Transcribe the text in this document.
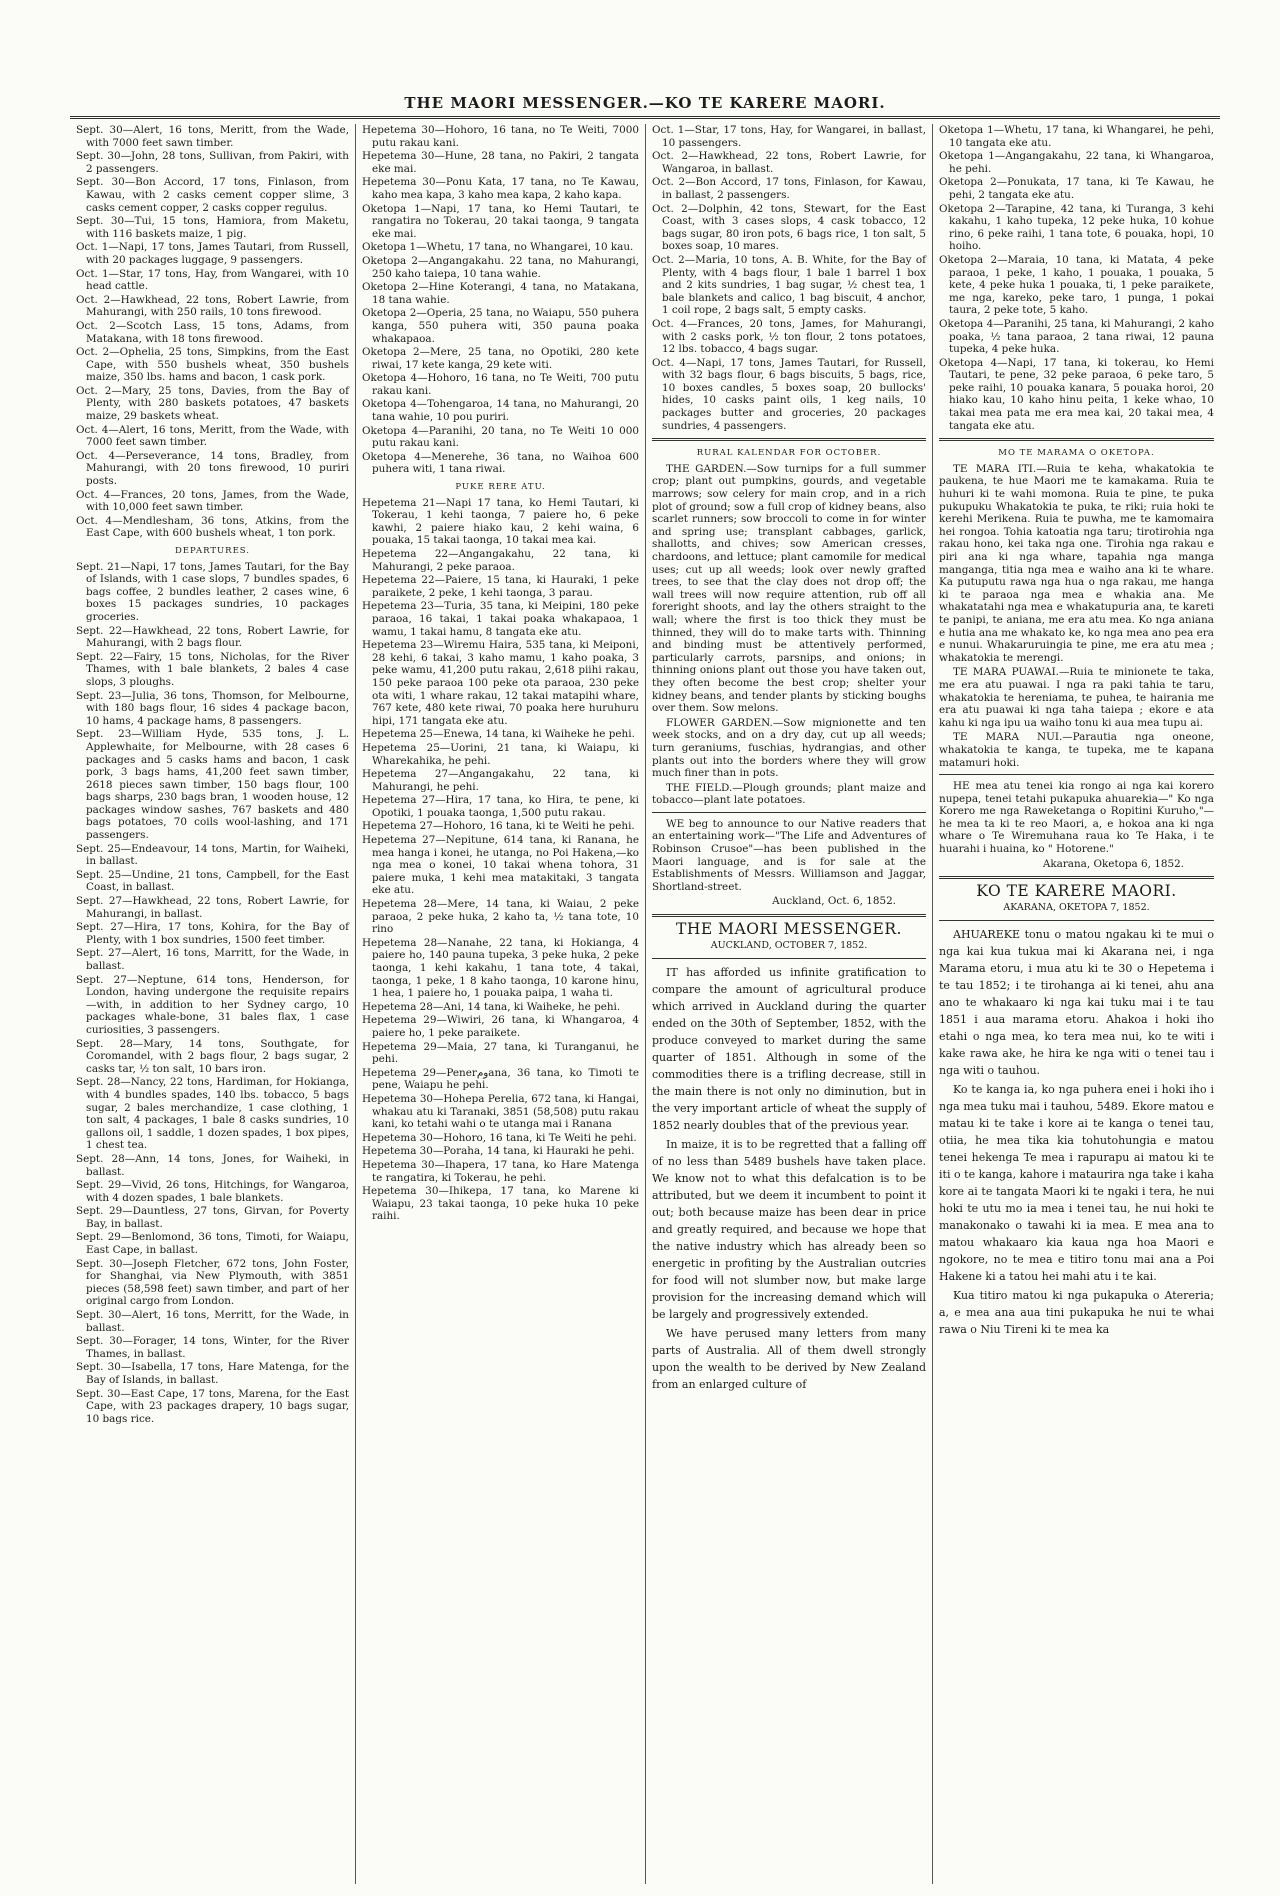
THE MAORI MESSENGER.—KO TE KARERE MAORI.

Sept. 30—Alert, 16 tons, Meritt, from the Wade, with 7000 feet sawn timber.

Sept. 30—John, 28 tons, Sullivan, from Pakiri, with 2 passengers.

Sept. 30—Bon Accord, 17 tons, Finlason, from Kawau, with 2 casks cement copper slime, 3 casks cement copper, 2 casks copper regulus.

Sept. 30—Tui, 15 tons, Hamiora, from Maketu, with 116 baskets maize, 1 pig.

Oct. 1—Napi, 17 tons, James Tautari, from Russell, with 20 packages luggage, 9 passengers.

Oct. 1—Star, 17 tons, Hay, from Wangarei, with 10 head cattle.

Oct. 2—Hawkhead, 22 tons, Robert Lawrie, from Mahurangi, with 250 rails, 10 tons firewood.

Oct. 2—Scotch Lass, 15 tons, Adams, from Matakana, with 18 tons firewood.

Oct. 2—Ophelia, 25 tons, Simpkins, from the East Cape, with 550 bushels wheat, 350 bushels maize, 350 lbs. hams and bacon, 1 cask pork.

Oct. 2—Mary, 25 tons, Davies, from the Bay of Plenty, with 280 baskets potatoes, 47 baskets maize, 29 baskets wheat.

Oct. 4—Alert, 16 tons, Meritt, from the Wade, with 7000 feet sawn timber.

Oct. 4—Perseverance, 14 tons, Bradley, from Mahurangi, with 20 tons firewood, 10 puriri posts.

Oct. 4—Frances, 20 tons, James, from the Wade, with 10,000 feet sawn timber.

Oct. 4—Mendlesham, 36 tons, Atkins, from the East Cape, with 600 bushels wheat, 1 ton pork.

DEPARTURES.

Sept. 21—Napi, 17 tons, James Tautari, for the Bay of Islands, with 1 case slops, 7 bundles spades, 6 bags coffee, 2 bundles leather, 2 cases wine, 6 boxes 15 packages sundries, 10 packages groceries.

Sept. 22—Hawkhead, 22 tons, Robert Lawrie, for Mahurangi, with 2 bags flour.

Sept. 22—Fairy, 15 tons, Nicholas, for the River Thames, with 1 bale blankets, 2 bales 4 case slops, 3 ploughs.

Sept. 23—Julia, 36 tons, Thomson, for Melbourne, with 180 bags flour, 16 sides 4 package bacon, 10 hams, 4 package hams, 8 passengers.

Sept. 23—William Hyde, 535 tons, J. L. Applewhaite, for Melbourne, with 28 cases 6 packages and 5 casks hams and bacon, 1 cask pork, 3 bags hams, 41,200 feet sawn timber, 2618 pieces sawn timber, 150 bags flour, 100 bags sharps, 230 bags bran, 1 wooden house, 12 packages window sashes, 767 baskets and 480 bags potatoes, 70 coils wool-lashing, and 171 passengers.

Sept. 25—Endeavour, 14 tons, Martin, for Waiheki, in ballast.

Sept. 25—Undine, 21 tons, Campbell, for the East Coast, in ballast.

Sept. 27—Hawkhead, 22 tons, Robert Lawrie, for Mahurangi, in ballast.

Sept. 27—Hira, 17 tons, Kohira, for the Bay of Plenty, with 1 box sundries, 1500 feet timber.

Sept. 27—Alert, 16 tons, Marritt, for the Wade, in ballast.

Sept. 27—Neptune, 614 tons, Henderson, for London, having undergone the requisite repairs—with, in addition to her Sydney cargo, 10 packages whale-bone, 31 bales flax, 1 case curiosities, 3 passengers.

Sept. 28—Mary, 14 tons, Southgate, for Coromandel, with 2 bags flour, 2 bags sugar, 2 casks tar, ½ ton salt, 10 bars iron.

Sept. 28—Nancy, 22 tons, Hardiman, for Hokianga, with 4 bundles spades, 140 lbs. tobacco, 5 bags sugar, 2 bales merchandize, 1 case clothing, 1 ton salt, 4 packages, 1 bale 8 casks sundries, 10 gallons oil, 1 saddle, 1 dozen spades, 1 box pipes, 1 chest tea.

Sept. 28—Ann, 14 tons, Jones, for Waiheki, in ballast.

Sept. 29—Vivid, 26 tons, Hitchings, for Wangaroa, with 4 dozen spades, 1 bale blankets.

Sept. 29—Dauntless, 27 tons, Girvan, for Poverty Bay, in ballast.

Sept. 29—Benlomond, 36 tons, Timoti, for Waiapu, East Cape, in ballast.

Sept. 30—Joseph Fletcher, 672 tons, John Foster, for Shanghai, via New Plymouth, with 3851 pieces (58,598 feet) sawn timber, and part of her original cargo from London.

Sept. 30—Alert, 16 tons, Merritt, for the Wade, in ballast.

Sept. 30—Forager, 14 tons, Winter, for the River Thames, in ballast.

Sept. 30—Isabella, 17 tons, Hare Matenga, for the Bay of Islands, in ballast.

Sept. 30—East Cape, 17 tons, Marena, for the East Cape, with 23 packages drapery, 10 bags sugar, 10 bags rice.

Hepetema 30—Hohoro, 16 tana, no Te Weiti, 7000 putu rakau kani.

Hepetema 30—Hune, 28 tana, no Pakiri, 2 tangata eke mai.

Hepetema 30—Ponu Kata, 17 tana, no Te Kawau, kaho mea kapa, 3 kaho mea kapa, 2 kaho kapa.

Oketopa 1—Napi, 17 tana, ko Hemi Tautari, te rangatira no Tokerau, 20 takai taonga, 9 tangata eke mai.

Oketopa 1—Whetu, 17 tana, no Whangarei, 10 kau.

Oketopa 2—Angangakahu. 22 tana, no Mahurangi, 250 kaho taiepa, 10 tana wahie.

Oketopa 2—Hine Koterangi, 4 tana, no Matakana, 18 tana wahie.

Oketopa 2—Operia, 25 tana, no Waiapu, 550 puhera kanga, 550 puhera witi, 350 pauna poaka whakapaoa.

Oketopa 2—Mere, 25 tana, no Opotiki, 280 kete riwai, 17 kete kanga, 29 kete witi.

Oketopa 4—Hohoro, 16 tana, no Te Weiti, 700 putu rakau kani.

Oketopa 4—Tohengaroa, 14 tana, no Mahurangi, 20 tana wahie, 10 pou puriri.

Oketopa 4—Paranihi, 20 tana, no Te Weiti 10 000 putu rakau kani.

Oketopa 4—Menerehe, 36 tana, no Waihoa 600 puhera witi, 1 tana riwai.

PUKE RERE ATU.

Hepetema 21—Napi 17 tana, ko Hemi Tautari, ki Tokerau, 1 kehi taonga, 7 paiere ho, 6 peke kawhi, 2 paiere hiako kau, 2 kehi waina, 6 pouaka, 15 takai taonga, 10 takai mea kai.

Hepetema 22—Angangakahu, 22 tana, ki Mahurangi, 2 peke paraoa.

Hepetema 22—Paiere, 15 tana, ki Hauraki, 1 peke paraikete, 2 peke, 1 kehi taonga, 3 parau.

Hepetema 23—Turia, 35 tana, ki Meipini, 180 peke paraoa, 16 takai, 1 takai poaka whakapaoa, 1 wamu, 1 takai hamu, 8 tangata eke atu.

Hepetema 23—Wiremu Haira, 535 tana, ki Meiponi, 28 kehi, 6 takai, 3 kaho mamu, 1 kaho poaka, 3 peke wamu, 41,200 putu rakau, 2,618 piihi rakau, 150 peke paraoa 100 peke ota paraoa, 230 peke ota witi, 1 whare rakau, 12 takai matapihi whare, 767 kete, 480 kete riwai, 70 poaka here huruhuru hipi, 171 tangata eke atu.

Hepetema 25—Enewa, 14 tana, ki Waiheke he pehi.

Hepetema 25—Uorini, 21 tana, ki Waiapu, ki Wharekahika, he pehi.

Hepetema 27—Angangakahu, 22 tana, ki Mahurangi, he pehi.

Hepetema 27—Hira, 17 tana, ko Hira, te pene, ki Opotiki, 1 pouaka taonga, 1,500 putu rakau.

Hepetema 27—Hohoro, 16 tana, ki te Weiti he pehi.

Hepetema 27—Nepitune, 614 tana, ki Ranana, he mea hanga i konei, he utanga, no Poi Hakena,—ko nga mea o konei, 10 takai whena tohora, 31 paiere muka, 1 kehi mea matakitaki, 3 tangata eke atu.

Hepetema 28—Mere, 14 tana, ki Waiau, 2 peke paraoa, 2 peke huka, 2 kaho ta, ½ tana tote, 10 rino

Hepetema 28—Nanahe, 22 tana, ki Hokianga, 4 paiere ho, 140 pauna tupeka, 3 peke huka, 2 peke taonga, 1 kehi kakahu, 1 tana tote, 4 takai, taonga, 1 peke, 1 8 kaho taonga, 10 karone hinu, 1 hea, 1 paiere ho, 1 pouaka paipa, 1 waha ti.

Hepetema 28—Ani, 14 tana, ki Waiheke, he pehi.

Hepetema 29—Wiwiri, 26 tana, ki Whangaroa, 4 paiere ho, 1 peke paraikete.

Hepetema 29—Maia, 27 tana, ki Turanganui, he pehi.

Hepetema 29—Penerومana, 36 tana, ko Timoti te pene, Waiapu he pehi.

Hepetema 30—Hohepa Perelia, 672 tana, ki Hangai, whakau atu ki Taranaki, 3851 (58,508) putu rakau kani, ko tetahi wahi o te utanga mai i Ranana

Hepetema 30—Hohoro, 16 tana, ki Te Weiti he pehi.

Hepetema 30—Poraha, 14 tana, ki Hauraki he pehi.

Hepetema 30—Ihapera, 17 tana, ko Hare Matenga te rangatira, ki Tokerau, he pehi.

Hepetema 30—Ihikepa, 17 tana, ko Marene ki Waiapu, 23 takai taonga, 10 peke huka 10 peke raihi.

Oct. 1—Star, 17 tons, Hay, for Wangarei, in ballast, 10 passengers.

Oct. 2—Hawkhead, 22 tons, Robert Lawrie, for Wangaroa, in ballast.

Oct. 2—Bon Accord, 17 tons, Finlason, for Kawau, in ballast, 2 passengers.

Oct. 2—Dolphin, 42 tons, Stewart, for the East Coast, with 3 cases slops, 4 cask tobacco, 12 bags sugar, 80 iron pots, 6 bags rice, 1 ton salt, 5 boxes soap, 10 mares.

Oct. 2—Maria, 10 tons, A. B. White, for the Bay of Plenty, with 4 bags flour, 1 bale 1 barrel 1 box and 2 kits sundries, 1 bag sugar, ½ chest tea, 1 bale blankets and calico, 1 bag biscuit, 4 anchor, 1 coil rope, 2 bags salt, 5 empty casks.

Oct. 4—Frances, 20 tons, James, for Mahurangi, with 2 casks pork, ½ ton flour, 2 tons potatoes, 12 lbs. tobacco, 4 bags sugar.

Oct. 4—Napi, 17 tons, James Tautari, for Russell, with 32 bags flour, 6 bags biscuits, 5 bags, rice, 10 boxes candles, 5 boxes soap, 20 bullocks' hides, 10 casks paint oils, 1 keg nails, 10 packages butter and groceries, 20 packages sundries, 4 passengers.

RURAL KALENDAR FOR OCTOBER.

THE GARDEN.—Sow turnips for a full summer crop; plant out pumpkins, gourds, and vegetable marrows; sow celery for main crop, and in a rich plot of ground; sow a full crop of kidney beans, also scarlet runners; sow broccoli to come in for winter and spring use; transplant cabbages, garlick, shallotts, and chives; sow American cresses, chardoons, and lettuce; plant camomile for medical uses; cut up all weeds; look over newly grafted trees, to see that the clay does not drop off; the wall trees will now require attention, rub off all foreright shoots, and lay the others straight to the wall; where the first is too thick they must be thinned, they will do to make tarts with. Thinning and binding must be attentively performed, particularly carrots, parsnips, and onions; in thinning onions plant out those you have taken out, they often become the best crop; shelter your kidney beans, and tender plants by sticking boughs over them. Sow melons.

FLOWER GARDEN.—Sow mignionette and ten week stocks, and on a dry day, cut up all weeds; turn geraniums, fuschias, hydrangias, and other plants out into the borders where they will grow much finer than in pots.

THE FIELD.—Plough grounds; plant maize and tobacco—plant late potatoes.

WE beg to announce to our Native readers that an entertaining work—"The Life and Adventures of Robinson Crusoe"—has been published in the Maori language, and is for sale at the Establishments of Messrs. Williamson and Jaggar, Shortland-street.

Auckland, Oct. 6, 1852.
THE MAORI MESSENGER.
AUCKLAND, OCTOBER 7, 1852.

IT has afforded us infinite gratification to compare the amount of agricultural produce which arrived in Auckland during the quarter ended on the 30th of September, 1852, with the produce conveyed to market during the same quarter of 1851. Although in some of the commodities there is a trifling decrease, still in the main there is not only no diminution, but in the very important article of wheat the supply of 1852 nearly doubles that of the previous year.

In maize, it is to be regretted that a falling off of no less than 5489 bushels have taken place. We know not to what this defalcation is to be attributed, but we deem it incumbent to point it out; both because maize has been dear in price and greatly required, and because we hope that the native industry which has already been so energetic in profiting by the Australian outcries for food will not slumber now, but make large provision for the increasing demand which will be largely and progressively extended.

We have perused many letters from many parts of Australia. All of them dwell strongly upon the wealth to be derived by New Zealand from an enlarged culture of

Oketopa 1—Whetu, 17 tana, ki Whangarei, he pehi, 10 tangata eke atu.

Oketopa 1—Angangakahu, 22 tana, ki Whangaroa, he pehi.

Oketopa 2—Ponukata, 17 tana, ki Te Kawau, he pehi, 2 tangata eke atu.

Oketopa 2—Tarapine, 42 tana, ki Turanga, 3 kehi kakahu, 1 kaho tupeka, 12 peke huka, 10 kohue rino, 6 peke raihi, 1 tana tote, 6 pouaka, hopi, 10 hoiho.

Oketopa 2—Maraia, 10 tana, ki Matata, 4 peke paraoa, 1 peke, 1 kaho, 1 pouaka, 1 pouaka, 5 kete, 4 peke huka 1 pouaka, ti, 1 peke paraikete, me nga, kareko, peke taro, 1 punga, 1 pokai taura, 2 peke tote, 5 kaho.

Oketopa 4—Paranihi, 25 tana, ki Mahurangi, 2 kaho poaka, ½ tana paraoa, 2 tana riwai, 12 pauna tupeka, 4 peke huka.

Oketopa 4—Napi, 17 tana, ki tokerau, ko Hemi Tautari, te pene, 32 peke paraoa, 6 peke taro, 5 peke raihi, 10 pouaka kanara, 5 pouaka horoi, 20 hiako kau, 10 kaho hinu peita, 1 keke whao, 10 takai mea pata me era mea kai, 20 takai mea, 4 tangata eke atu.

MO TE MARAMA O OKETOPA.

TE MARA ITI.—Ruia te keha, whakatokia te paukena, te hue Maori me te kamakama. Ruia te huhuri ki te wahi momona. Ruia te pine, te puka pukupuku Whakatokia te puka, te riki; ruia hoki te kerehi Merikena. Ruia te puwha, me te kamomaira hei rongoa. Tohia katoatia nga taru; tirotirohia nga rakau hono, kei taka nga one. Tirohia nga rakau e piri ana ki nga whare, tapahia nga manga manganga, titia nga mea e waiho ana ki te whare. Ka putuputu rawa nga hua o nga rakau, me hanga ki te paraoa nga mea e whakia ana. Me whakatatahi nga mea e whakatupuria ana, te kareti te panipi, te aniana, me era atu mea. Ko nga aniana e hutia ana me whakato ke, ko nga mea ano pea era e nunui. Whakaruruingia te pine, me era atu mea ; whakatokia te merengi.

TE MARA PUAWAI.—Ruia te minionete te taka, me era atu puawai. I nga ra paki tahia te taru, whakatokia te hereniama, te puhea, te hairania me era atu puawai ki nga taha taiepa ; ekore e ata kahu ki nga ipu ua waiho tonu ki aua mea tupu ai.

TE MARA NUI.—Parautia nga oneone, whakatokia te kanga, te tupeka, me te kapana matamuri hoki.

HE mea atu tenei kia rongo ai nga kai korero nupepa, tenei tetahi pukapuka ahuarekia—" Ko nga Korero me nga Raweketanga o Ropitini Kuruho,"—he mea ta ki te reo Maori, a, e hokoa ana ki nga whare o Te Wiremuhana raua ko Te Haka, i te huarahi i huaina, ko " Hotorene."

Akarana, Oketopa 6, 1852.
KO TE KARERE MAORI.
AKARANA, OKETOPA 7, 1852.

AHUAREKE tonu o matou ngakau ki te mui o nga kai kua tukua mai ki Akarana nei, i nga Marama etoru, i mua atu ki te 30 o Hepetema i te tau 1852; i te tirohanga ai ki tenei, ahu ana ano te whakaaro ki nga kai tuku mai i te tau 1851 i aua marama etoru. Ahakoa i hoki iho etahi o nga mea, ko tera mea nui, ko te witi i kake rawa ake, he hira ke nga witi o tenei tau i nga witi o tauhou.

Ko te kanga ia, ko nga puhera enei i hoki iho i nga mea tuku mai i tauhou, 5489. Ekore matou e matau ki te take i kore ai te kanga o tenei tau, otiia, he mea tika kia tohutohungia e matou tenei hekenga Te mea i rapurapu ai matou ki te iti o te kanga, kahore i mataurira nga take i kaha kore ai te tangata Maori ki te ngaki i tera, he nui hoki te utu mo ia mea i tenei tau, he nui hoki te manakonako o tawahi ki ia mea. E mea ana to matou whakaaro kia kaua nga hoa Maori e ngokore, no te mea e titiro tonu mai ana a Poi Hakene ki a tatou hei mahi atu i te kai.

Kua titiro matou ki nga pukapuka o Atereria; a, e mea ana aua tini pukapuka he nui te whai rawa o Niu Tireni ki te mea ka
